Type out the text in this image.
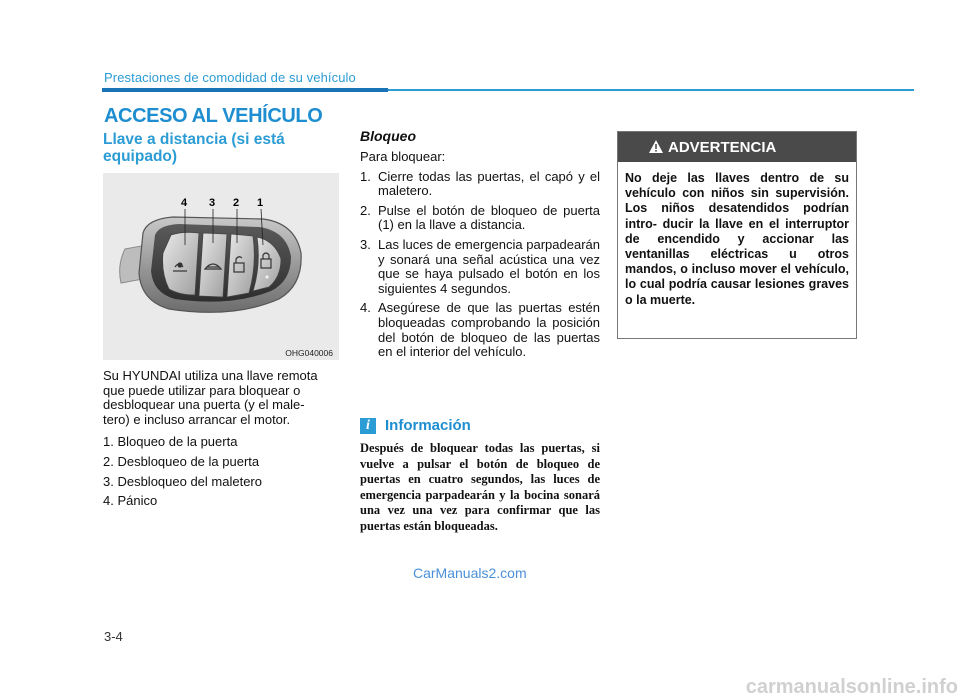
Prestaciones de comodidad de su vehículo
ACCESO AL VEHÍCULO
Llave a distancia (si está equipado)
4 3 2 1
OHG040006
Su HYUNDAI utiliza una llave remota
que puede utilizar para bloquear o
desbloquear una puerta (y el male-
tero) e incluso arrancar el motor.
1. Bloqueo de la puerta
2. Desbloqueo de la puerta
3. Desbloqueo del maletero
4. Pánico
Bloqueo
Para bloquear:
1. Cierre todas las puertas, el capó y el maletero.
2. Pulse el botón de bloqueo de puerta (1) en la llave a distancia.
3. Las luces de emergencia parpadearán y sonará una señal acústica una vez que se haya pulsado el botón en los siguientes 4 segundos.
4. Asegúrese de que las puertas estén bloqueadas comprobando la posición del botón de bloqueo de las puertas en el interior del vehículo.
i	Información
Después de bloquear todas las puertas, si vuelve a pulsar el botón de bloqueo de puertas en cuatro segundos, las luces de emergencia parpadearán y la bocina sonará una vez una vez para confirmar que las puertas están bloqueadas.
ADVERTENCIA
No deje las llaves dentro de su vehículo con niños sin supervisión. Los niños desatendidos podrían intro- ducir la llave en el interruptor de encendido y accionar las ventanillas eléctricas u otros mandos, o incluso mover el vehículo, lo cual podría causar lesiones graves o la muerte.
CarManuals2.com
3-4
carmanualsonline.info
